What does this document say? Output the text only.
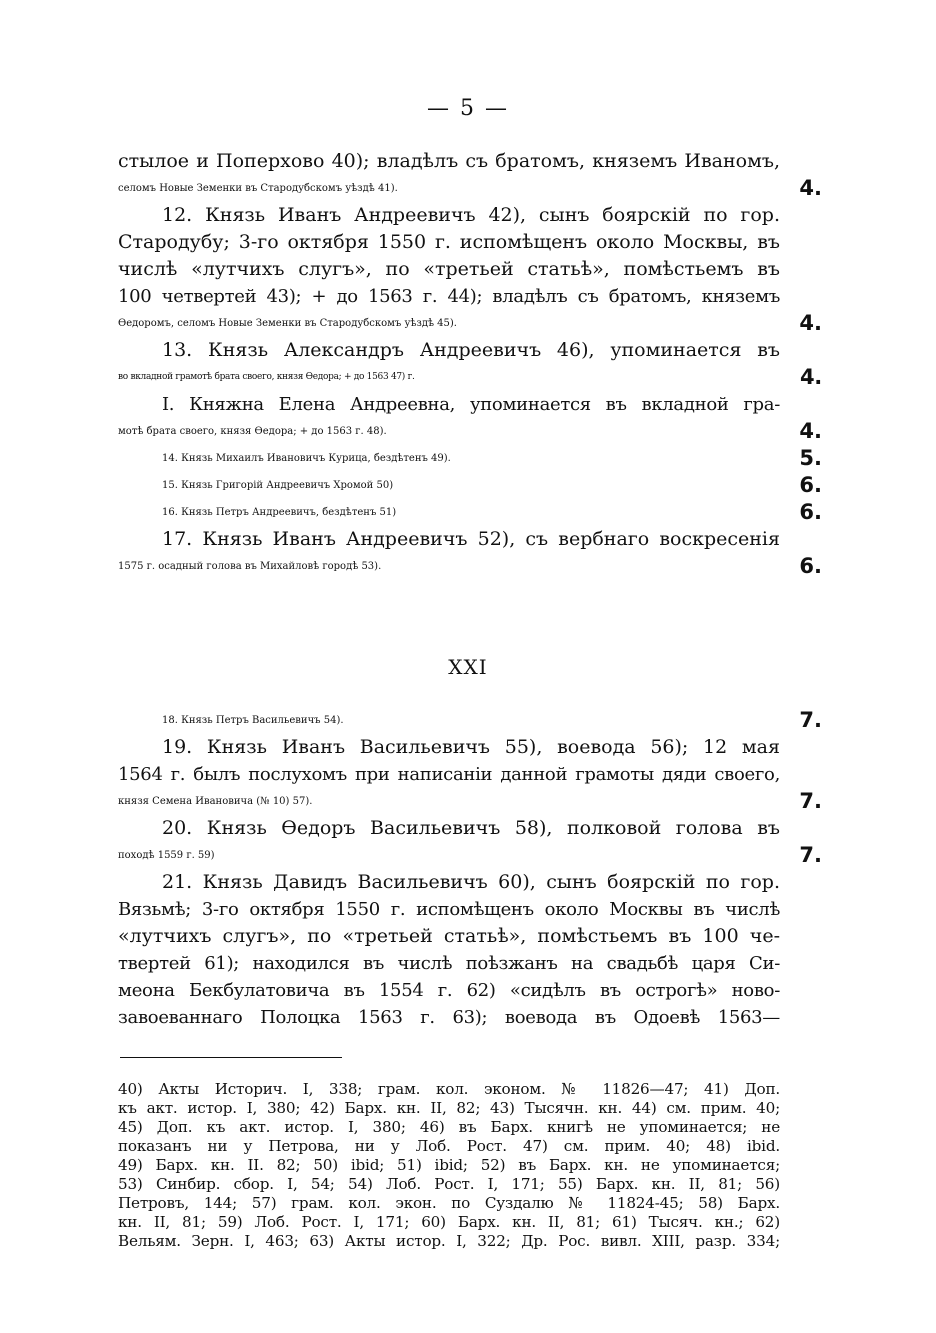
— 5 —
стылое и Поперхово 40); владѣлъ съ братомъ, княземъ Иваномъ,
селомъ Новые Земенки въ Стародубскомъ уѣздѣ 41).	4.
12. Князь Иванъ Андреевичъ 42), сынъ боярскій по гор.
Стародубу; 3-го октября 1550 г. испомѣщенъ около Москвы, въ
числѣ «лутчихъ слугъ», по «третьей статьѣ», помѣстьемъ въ
100 четвертей 43); + до 1563 г. 44); владѣлъ съ братомъ, княземъ
Ѳедоромъ, селомъ Новые Земенки въ Стародубскомъ уѣздѣ 45).	4.
13. Князь Александръ Андреевичъ 46), упоминается въ
во вкладной грамотѣ брата своего, князя Ѳедора; + до 1563 47) г.	4.
I. Княжна Елена Андреевна, упоминается въ вкладной гра-
мотѣ брата своего, князя Ѳедора; + до 1563 г. 48).	4.
14. Князь Михаилъ Ивановичъ Курица, бездѣтенъ 49).	5.
15. Князь Григорій Андреевичъ Хромой 50)	6.
16. Князь Петръ Андреевичъ, бездѣтенъ 51)	6.
17. Князь Иванъ Андреевичъ 52), съ вербнаго воскресенія
1575 г. осадный голова въ Михайловѣ городѣ 53).	6.
XXI
18. Князь Петръ Васильевичъ 54).	7.
19. Князь Иванъ Васильевичъ 55), воевода 56); 12 мая
1564 г. былъ послухомъ при написаніи данной грамоты дяди своего,
князя Семена Ивановича (№ 10) 57).	7.
20. Князь Ѳедоръ Васильевичъ 58), полковой голова въ
походѣ 1559 г. 59)	7.
21. Князь Давидъ Васильевичъ 60), сынъ боярскій по гор.
Вязьмѣ; 3-го октября 1550 г. испомѣщенъ около Москвы въ числѣ
«лутчихъ слугъ», по «третьей статьѣ», помѣстьемъ въ 100 че-
твертей 61); находился въ числѣ поѣзжанъ на свадьбѣ царя Си-
меона Бекбулатовича въ 1554 г. 62) «сидѣлъ въ острогѣ» ново-
завоеваннаго Полоцка 1563 г. 63); воевода въ Одоевѣ 1563—
40) Акты Историч. I, 338; грам. кол. эконом. № 11826—47; 41) Доп.
къ акт. истор. I, 380; 42) Барх. кн. II, 82; 43) Тысячн. кн. 44) см. прим. 40;
45) Доп. къ акт. истор. I, 380; 46) въ Барх. книгѣ не упоминается; не
показанъ ни у Петрова, ни у Лоб. Рост. 47) см. прим. 40; 48) ibid.
49) Барх. кн. II. 82; 50) ibid; 51) ibid; 52) въ Барх. кн. не упоминается;
53) Синбир. сбор. I, 54; 54) Лоб. Рост. I, 171; 55) Барх. кн. II, 81; 56)
Петровъ, 144; 57) грам. кол. экон. по Суздалю № 11824-45; 58) Барх.
кн. II, 81; 59) Лоб. Рост. I, 171; 60) Барх. кн. II, 81; 61) Тысяч. кн.; 62)
Вельям. Зерн. I, 463; 63) Акты истор. I, 322; Др. Рос. вивл. XIII, разр. 334;
